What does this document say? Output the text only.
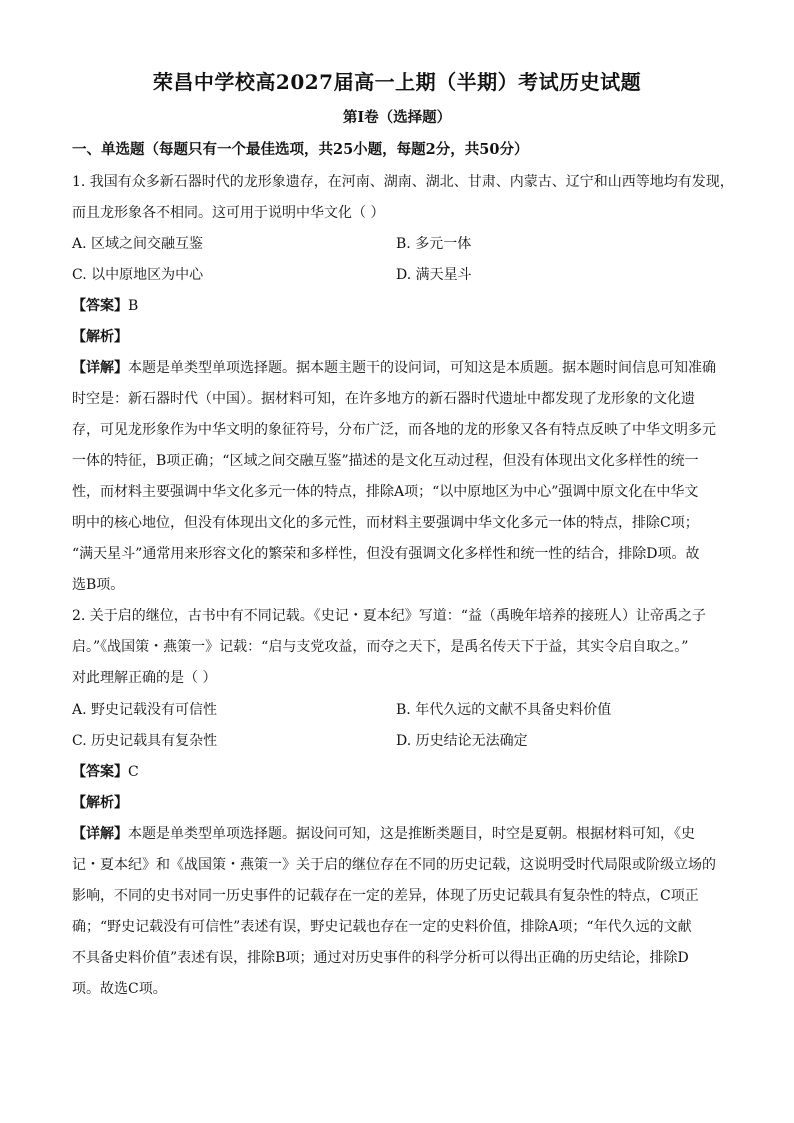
荣昌中学校高2027届高一上期（半期）考试历史试题
第Ⅰ卷（选择题）
一、单选题（每题只有一个最佳选项，共25小题，每题2分，共50分）
1. 我国有众多新石器时代的龙形象遗存，在河南、湖南、湖北、甘肃、内蒙古、辽宁和山西等地均有发现，
而且龙形象各不相同。这可用于说明中华文化（ ）
A. 区域之间交融互鉴	B. 多元一体
C. 以中原地区为中心	D. 满天星斗
【答案】B
【解析】
【详解】本题是单类型单项选择题。据本题主题干的设问词，可知这是本质题。据本题时间信息可知准确
时空是：新石器时代（中国）。据材料可知，在许多地方的新石器时代遗址中都发现了龙形象的文化遗
存，可见龙形象作为中华文明的象征符号，分布广泛，而各地的龙的形象又各有特点反映了中华文明多元
一体的特征，B项正确；“区域之间交融互鉴”描述的是文化互动过程，但没有体现出文化多样性的统一
性，而材料主要强调中华文化多元一体的特点，排除A项；“以中原地区为中心”强调中原文化在中华文
明中的核心地位，但没有体现出文化的多元性，而材料主要强调中华文化多元一体的特点，排除C项；
“满天星斗”通常用来形容文化的繁荣和多样性，但没有强调文化多样性和统一性的结合，排除D项。故
选B项。
2. 关于启的继位，古书中有不同记载。《史记・夏本纪》写道：“益（禹晚年培养的接班人）让帝禹之子
启。”《战国策・燕策一》记载：“启与支党攻益，而夺之天下，是禹名传天下于益，其实令启自取之。”
对此理解正确的是（ ）
A. 野史记载没有可信性	B. 年代久远的文献不具备史料价值
C. 历史记载具有复杂性	D. 历史结论无法确定
【答案】C
【解析】
【详解】本题是单类型单项选择题。据设问可知，这是推断类题目，时空是夏朝。根据材料可知，《史
记・夏本纪》和《战国策・燕策一》关于启的继位存在不同的历史记载，这说明受时代局限或阶级立场的
影响，不同的史书对同一历史事件的记载存在一定的差异，体现了历史记载具有复杂性的特点，C项正
确；“野史记载没有可信性”表述有误，野史记载也存在一定的史料价值，排除A项；“年代久远的文献
不具备史料价值”表述有误，排除B项；通过对历史事件的科学分析可以得出正确的历史结论，排除D
项。故选C项。
